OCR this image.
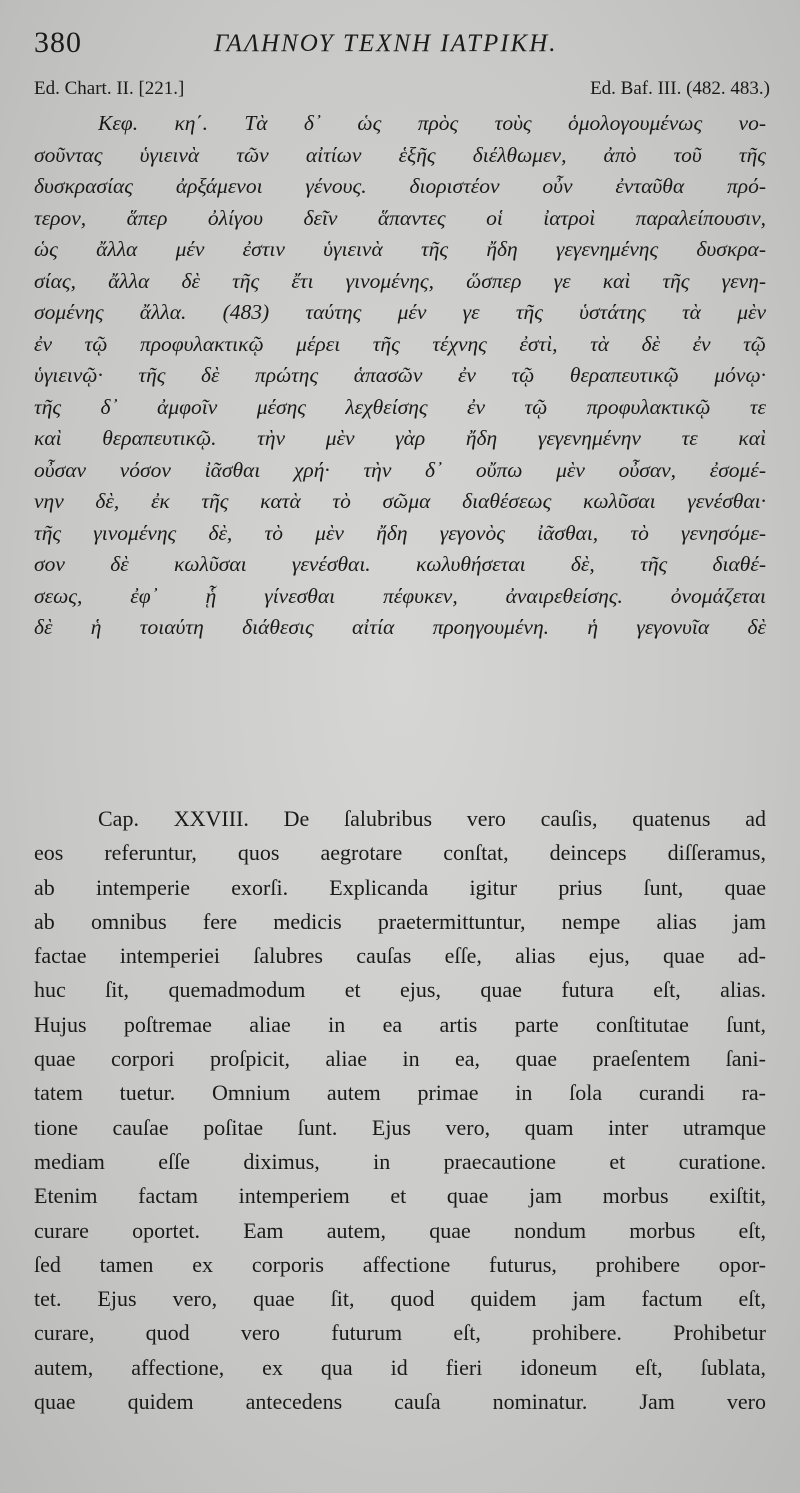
380	ΓΑΛΗΝΟΥ ΤΕΧΝΗ ΙΑΤΡΙΚΗ.
Ed. Chart. II. [221.]	Ed. Baf. III. (482. 483.)
Κεφ. κη΄. Τὰ δ᾽ ὡς πρὸς τοὺς ὁμολογουμένως νο-
σοῦντας ὑγιεινὰ τῶν αἰτίων ἑξῆς διέλθωμεν, ἀπὸ τοῦ τῆς
δυσκρασίας ἀρξάμενοι γένους. διοριστέον οὖν ἐνταῦθα πρό-
τερον, ἅπερ ὀλίγου δεῖν ἅπαντες οἱ ἰατροὶ παραλείπουσιν,
ὡς ἄλλα μέν ἐστιν ὑγιεινὰ τῆς ἤδη γεγενημένης δυσκρα-
σίας, ἄλλα δὲ τῆς ἔτι γινομένης, ὥσπερ γε καὶ τῆς γενη-
σομένης ἄλλα. (483) ταύτης μέν γε τῆς ὑστάτης τὰ μὲν
ἐν τῷ προφυλακτικῷ μέρει τῆς τέχνης ἐστὶ, τὰ δὲ ἐν τῷ
ὑγιεινῷ· τῆς δὲ πρώτης ἁπασῶν ἐν τῷ θεραπευτικῷ μόνῳ·
τῆς δ᾽ ἀμφοῖν μέσης λεχθείσης ἐν τῷ προφυλακτικῷ τε
καὶ θεραπευτικῷ. τὴν μὲν γὰρ ἤδη γεγενημένην τε καὶ
οὖσαν νόσον ἰᾶσθαι χρή· τὴν δ᾽ οὔπω μὲν οὖσαν, ἐσομέ-
νην δὲ, ἐκ τῆς κατὰ τὸ σῶμα διαθέσεως κωλῦσαι γενέσθαι·
τῆς γινομένης δὲ, τὸ μὲν ἤδη γεγονὸς ἰᾶσθαι, τὸ γενησόμε-
σον δὲ κωλῦσαι γενέσθαι. κωλυθήσεται δὲ, τῆς διαθέ-
σεως, ἐφ᾽ ᾗ γίνεσθαι πέφυκεν, ἀναιρεθείσης. ὀνομάζεται
δὲ ἡ τοιαύτη διάθεσις αἰτία προηγουμένη. ἡ γεγονυῖα δὲ
Cap. XXVIII. De ſalubribus vero cauſis, quatenus ad
eos referuntur, quos aegrotare conſtat, deinceps diſſeramus,
ab intemperie exorſi. Explicanda igitur prius ſunt, quae
ab omnibus fere medicis praetermittuntur, nempe alias jam
factae intemperiei ſalubres cauſas eſſe, alias ejus, quae ad-
huc ſit, quemadmodum et ejus, quae futura eſt, alias.
Hujus poſtremae aliae in ea artis parte conſtitutae ſunt,
quae corpori proſpicit, aliae in ea, quae praeſentem ſani-
tatem tuetur. Omnium autem primae in ſola curandi ra-
tione cauſae poſitae ſunt. Ejus vero, quam inter utramque
mediam eſſe diximus, in praecautione et curatione.
Etenim factam intemperiem et quae jam morbus exiſtit,
curare oportet. Eam autem, quae nondum morbus eſt,
ſed tamen ex corporis affectione futurus, prohibere opor-
tet. Ejus vero, quae ſit, quod quidem jam factum eſt,
curare, quod vero futurum eſt, prohibere. Prohibetur
autem, affectione, ex qua id fieri idoneum eſt, ſublata,
quae quidem antecedens cauſa nominatur. Jam vero
